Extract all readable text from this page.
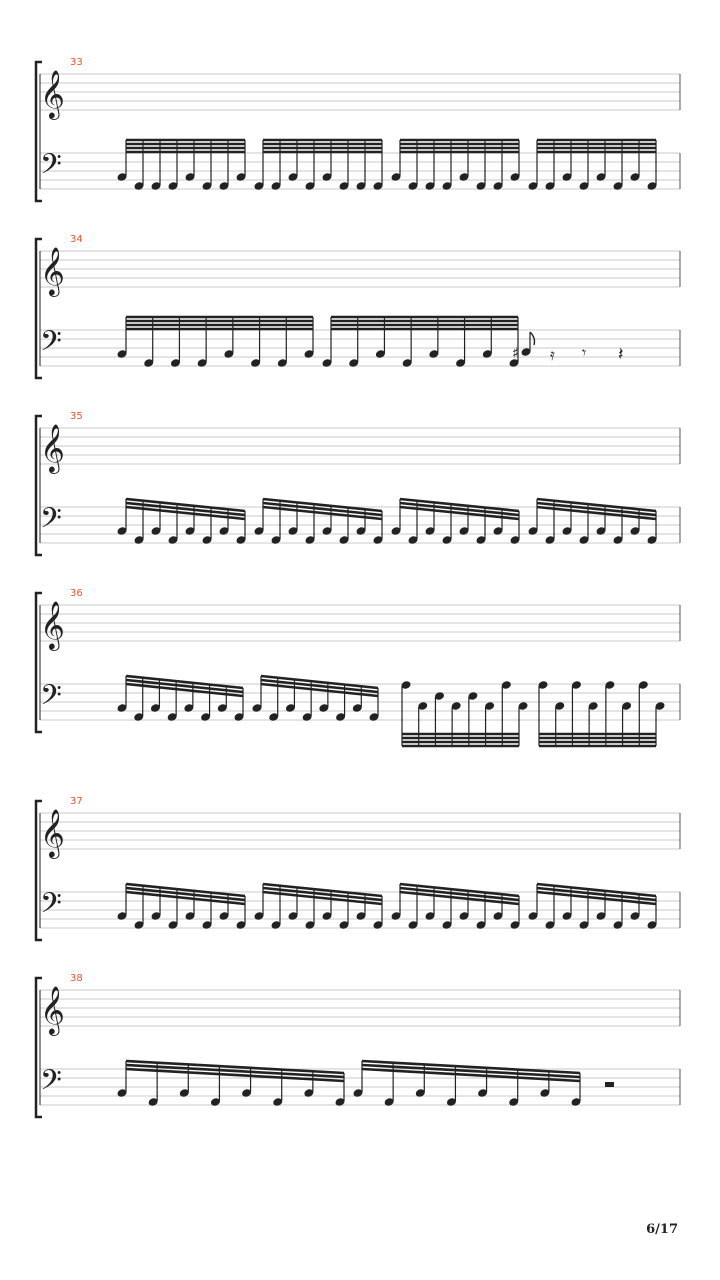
33
𝄞
𝄢
34
𝄞
𝄢	♯ 𝄿 𝄾 𝄽
35
𝄞
𝄢
36
𝄞
𝄢
37
𝄞
𝄢
38
𝄞
𝄢
6/17
